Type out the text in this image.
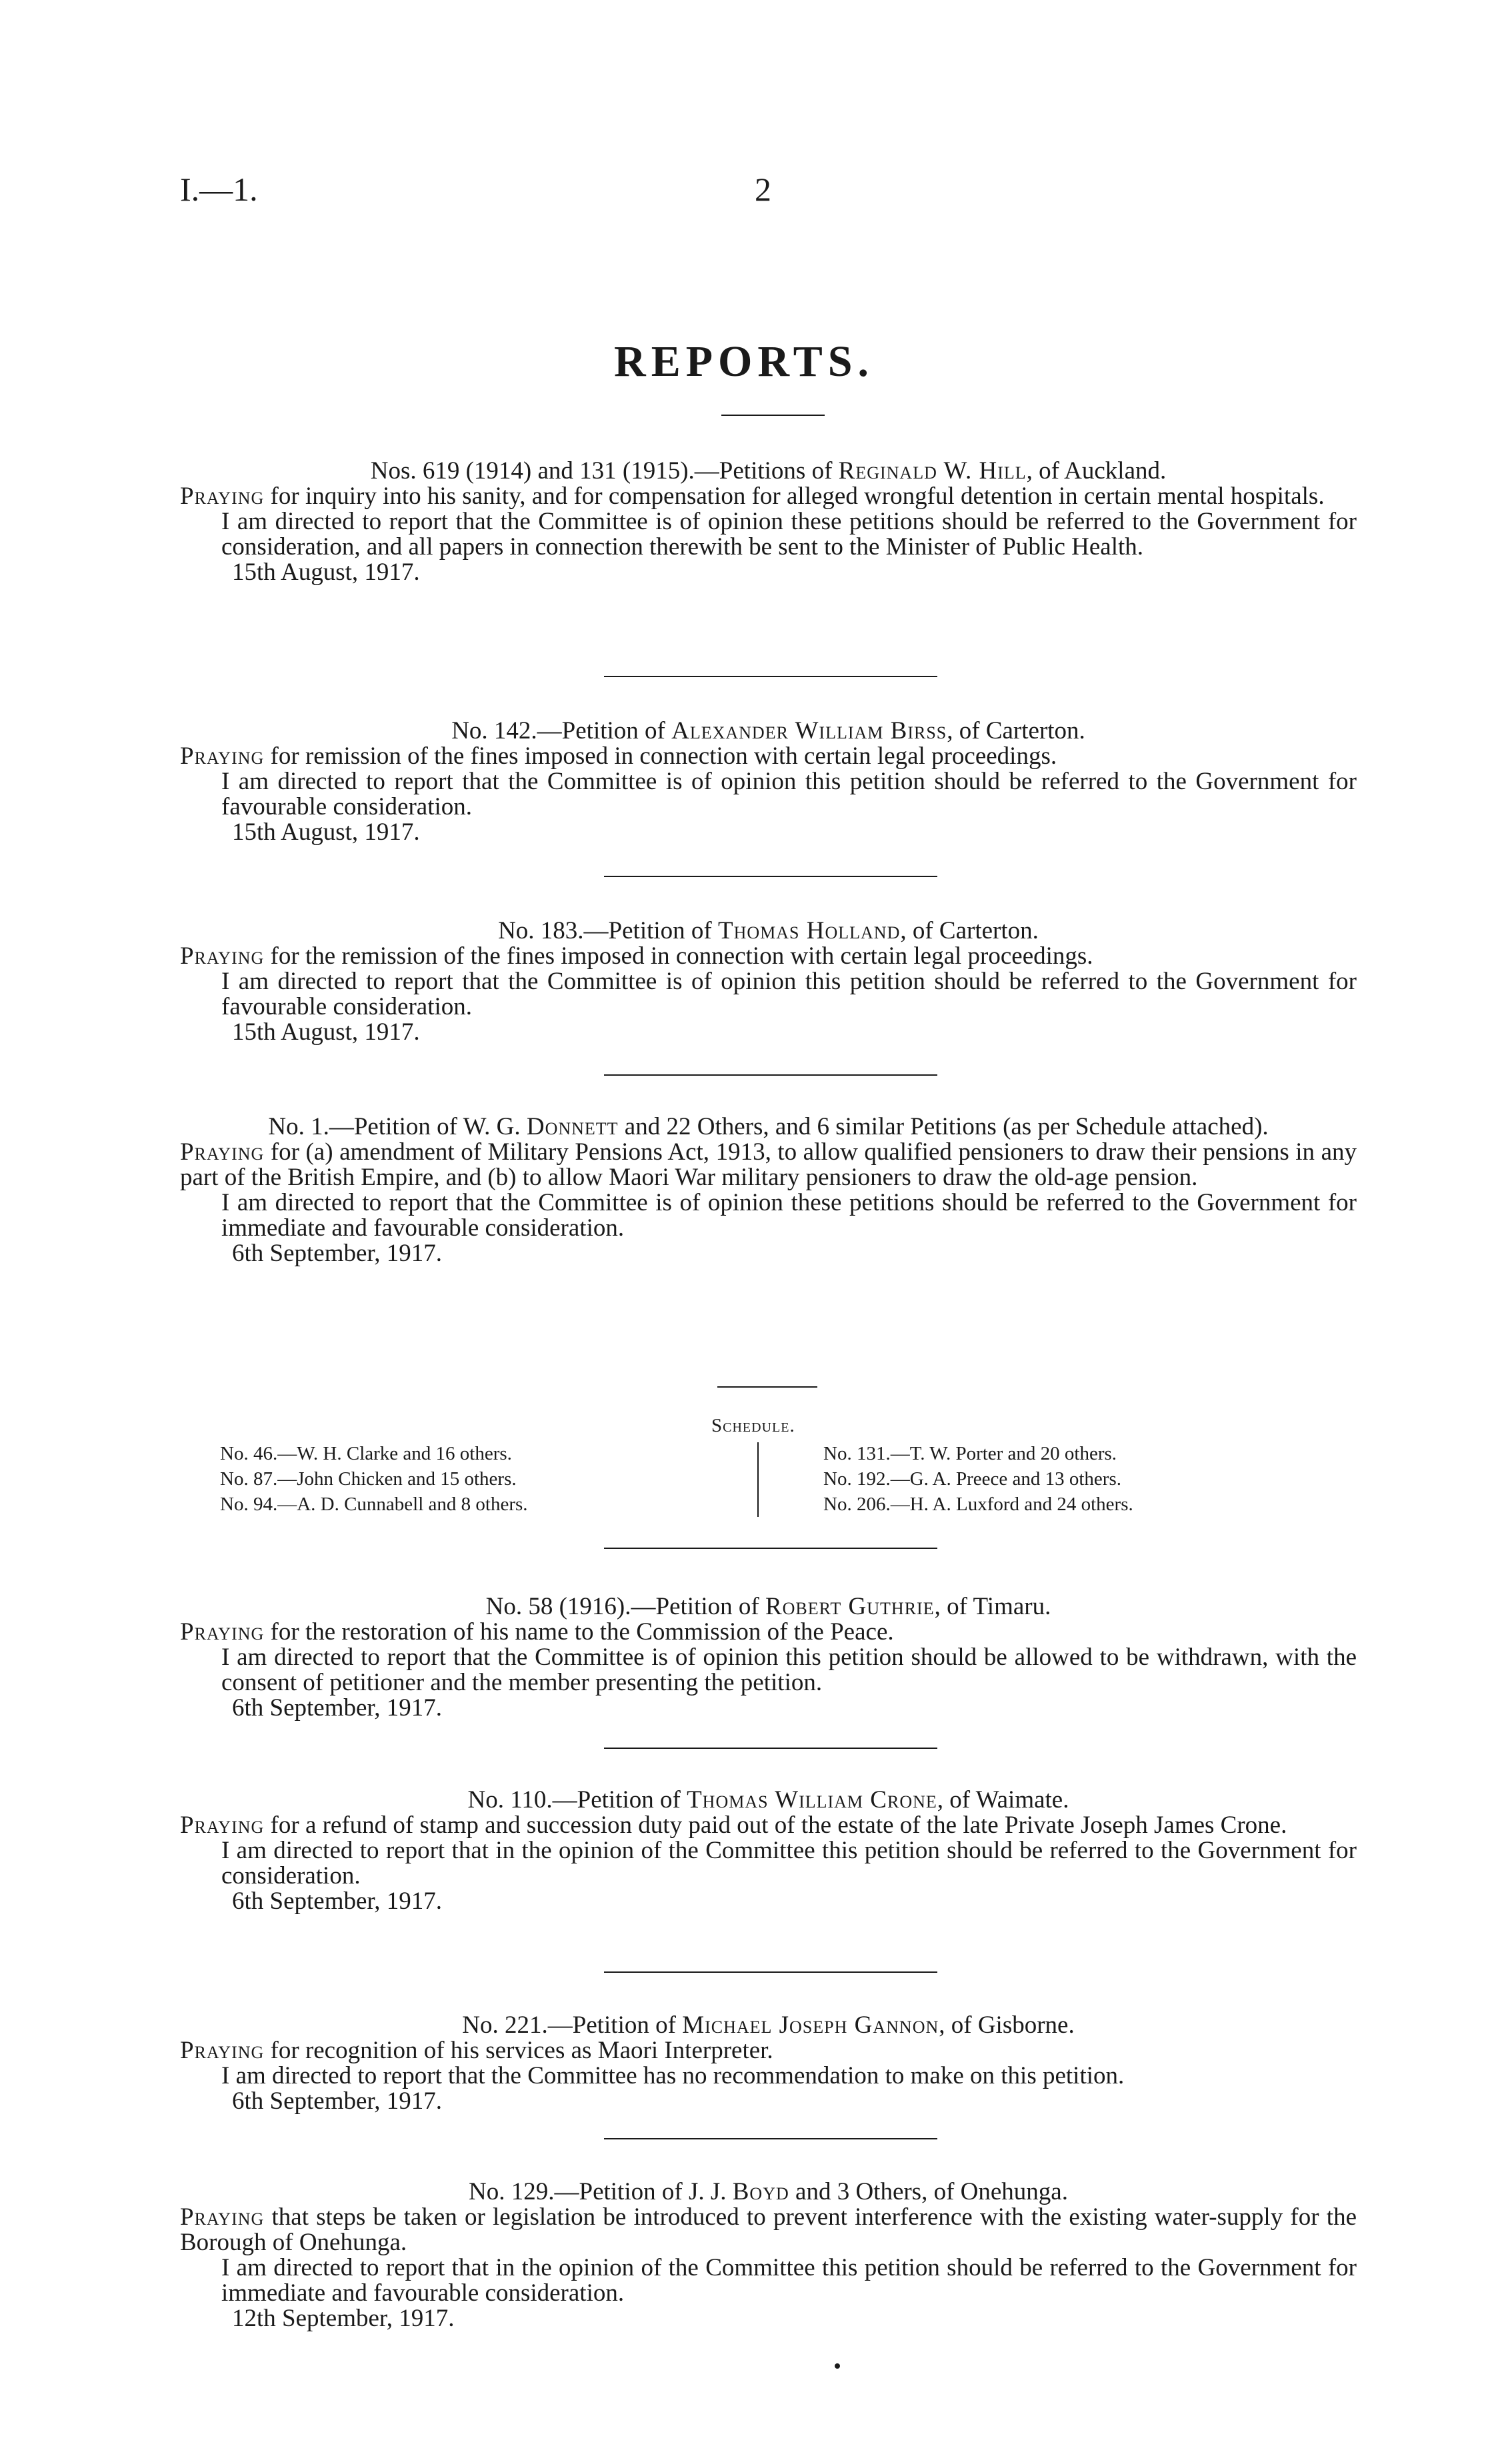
I.—1.	2
REPORTS.
Nos. 619 (1914) and 131 (1915).—Petitions of Reginald W. Hill, of Auckland.
Praying for inquiry into his sanity, and for compensation for alleged wrongful detention in certain mental hospitals.
I am directed to report that the Committee is of opinion these petitions should be referred to the Government for consideration, and all papers in connection therewith be sent to the Minister of Public Health.
15th August, 1917.
No. 142.—Petition of Alexander William Birss, of Carterton.
Praying for remission of the fines imposed in connection with certain legal proceedings.
I am directed to report that the Committee is of opinion this petition should be referred to the Government for favourable consideration.
15th August, 1917.
No. 183.—Petition of Thomas Holland, of Carterton.
Praying for the remission of the fines imposed in connection with certain legal proceedings.
I am directed to report that the Committee is of opinion this petition should be referred to the Government for favourable consideration.
15th August, 1917.
No. 1.—Petition of W. G. Donnett and 22 Others, and 6 similar Petitions (as per Schedule attached).
Praying for (a) amendment of Military Pensions Act, 1913, to allow qualified pensioners to draw their pensions in any part of the British Empire, and (b) to allow Maori War military pensioners to draw the old-age pension.
I am directed to report that the Committee is of opinion these petitions should be referred to the Government for immediate and favourable consideration.
6th September, 1917.
Schedule.
No. 46.—W. H. Clarke and 16 others.
No. 87.—John Chicken and 15 others.
No. 94.—A. D. Cunnabell and 8 others.
No. 131.—T. W. Porter and 20 others.
No. 192.—G. A. Preece and 13 others.
No. 206.—H. A. Luxford and 24 others.
No. 58 (1916).—Petition of Robert Guthrie, of Timaru.
Praying for the restoration of his name to the Commission of the Peace.
I am directed to report that the Committee is of opinion this petition should be allowed to be withdrawn, with the consent of petitioner and the member presenting the petition.
6th September, 1917.
No. 110.—Petition of Thomas William Crone, of Waimate.
Praying for a refund of stamp and succession duty paid out of the estate of the late Private Joseph James Crone.
I am directed to report that in the opinion of the Committee this petition should be referred to the Government for consideration.
6th September, 1917.
No. 221.—Petition of Michael Joseph Gannon, of Gisborne.
Praying for recognition of his services as Maori Interpreter.
I am directed to report that the Committee has no recommendation to make on this petition.
6th September, 1917.
No. 129.—Petition of J. J. Boyd and 3 Others, of Onehunga.
Praying that steps be taken or legislation be introduced to prevent interference with the existing water-supply for the Borough of Onehunga.
I am directed to report that in the opinion of the Committee this petition should be referred to the Government for immediate and favourable consideration.
12th September, 1917.
